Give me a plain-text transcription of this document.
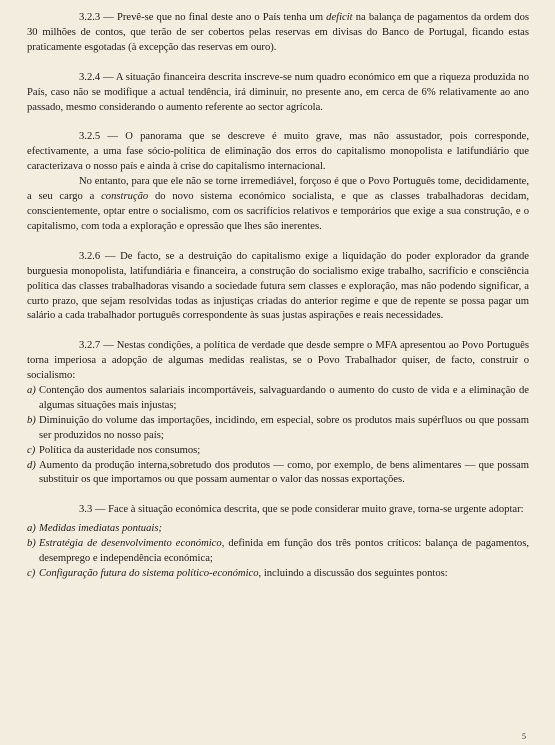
3.2.3 — Prevê-se que no final deste ano o País tenha um deficit na balança de pagamentos da ordem dos 30 milhões de contos, que terão de ser cobertos pelas reservas em divisas do Banco de Portugal, ficando estas praticamente esgotadas (à excepção das reservas em ouro).

3.2.4 — A situação financeira descrita inscreve-se num quadro económico em que a riqueza produzida no País, caso não se modifique a actual tendência, irá diminuir, no presente ano, em cerca de 6% relativamente ao ano passado, mesmo considerando o aumento referente ao sector agrícola.

3.2.5 — O panorama que se descreve é muito grave, mas não assustador, pois corresponde, efectivamente, a uma fase sócio-política de eliminação dos erros do capitalismo monopolista e latifundiário que caracterizava o nosso país e ainda à crise do capitalismo internacional.

No entanto, para que ele não se torne irremediável, forçoso é que o Povo Português tome, decididamente, a seu cargo a construção do novo sistema económico socialista, e que as classes trabalhadoras decidam, conscientemente, optar entre o socialismo, com os sacrifícios relativos e temporários que exige a sua construção, e o capitalismo, com toda a exploração e opressão que lhes são inerentes.

3.2.6 — De facto, se a destruição do capitalismo exige a liquidação do poder explorador da grande burguesia monopolista, latifundiária e financeira, a construção do socialismo exige trabalho, sacrifício e consciência política das classes trabalhadoras visando a sociedade futura sem classes e exploração, mas não podendo significar, a curto prazo, que sejam resolvidas todas as injustiças criadas do anterior regime e que de repente se possa pagar um salário a cada trabalhador português correspondente às suas justas aspirações e reais necessidades.

3.2.7 — Nestas condições, a política de verdade que desde sempre o MFA apresentou ao Povo Português torna imperiosa a adopção de algumas medidas realistas, se o Povo Trabalhador quiser, de facto, construir o socialismo:

a) Contenção dos aumentos salariais incomportáveis, salvaguardando o aumento do custo de vida e a eliminação de algumas situações mais injustas;
b) Diminuição do volume das importações, incidindo, em especial, sobre os produtos mais supérfluos ou que possam ser produzidos no nosso país;
c) Política da austeridade nos consumos;
d) Aumento da produção interna,sobretudo dos produtos — como, por exemplo, de bens alimentares — que possam substituir os que importamos ou que possam aumentar o valor das nossas exportações.

3.3 — Face à situação económica descrita, que se pode considerar muito grave, torna-se urgente adoptar:

a) Medidas imediatas pontuais;
b) Estratégia de desenvolvimento económico, definida em função dos três pontos críticos: balança de pagamentos, desemprego e independência económica;
c) Configuração futura do sistema político-económico, incluindo a discussão dos seguintes pontos:
5
